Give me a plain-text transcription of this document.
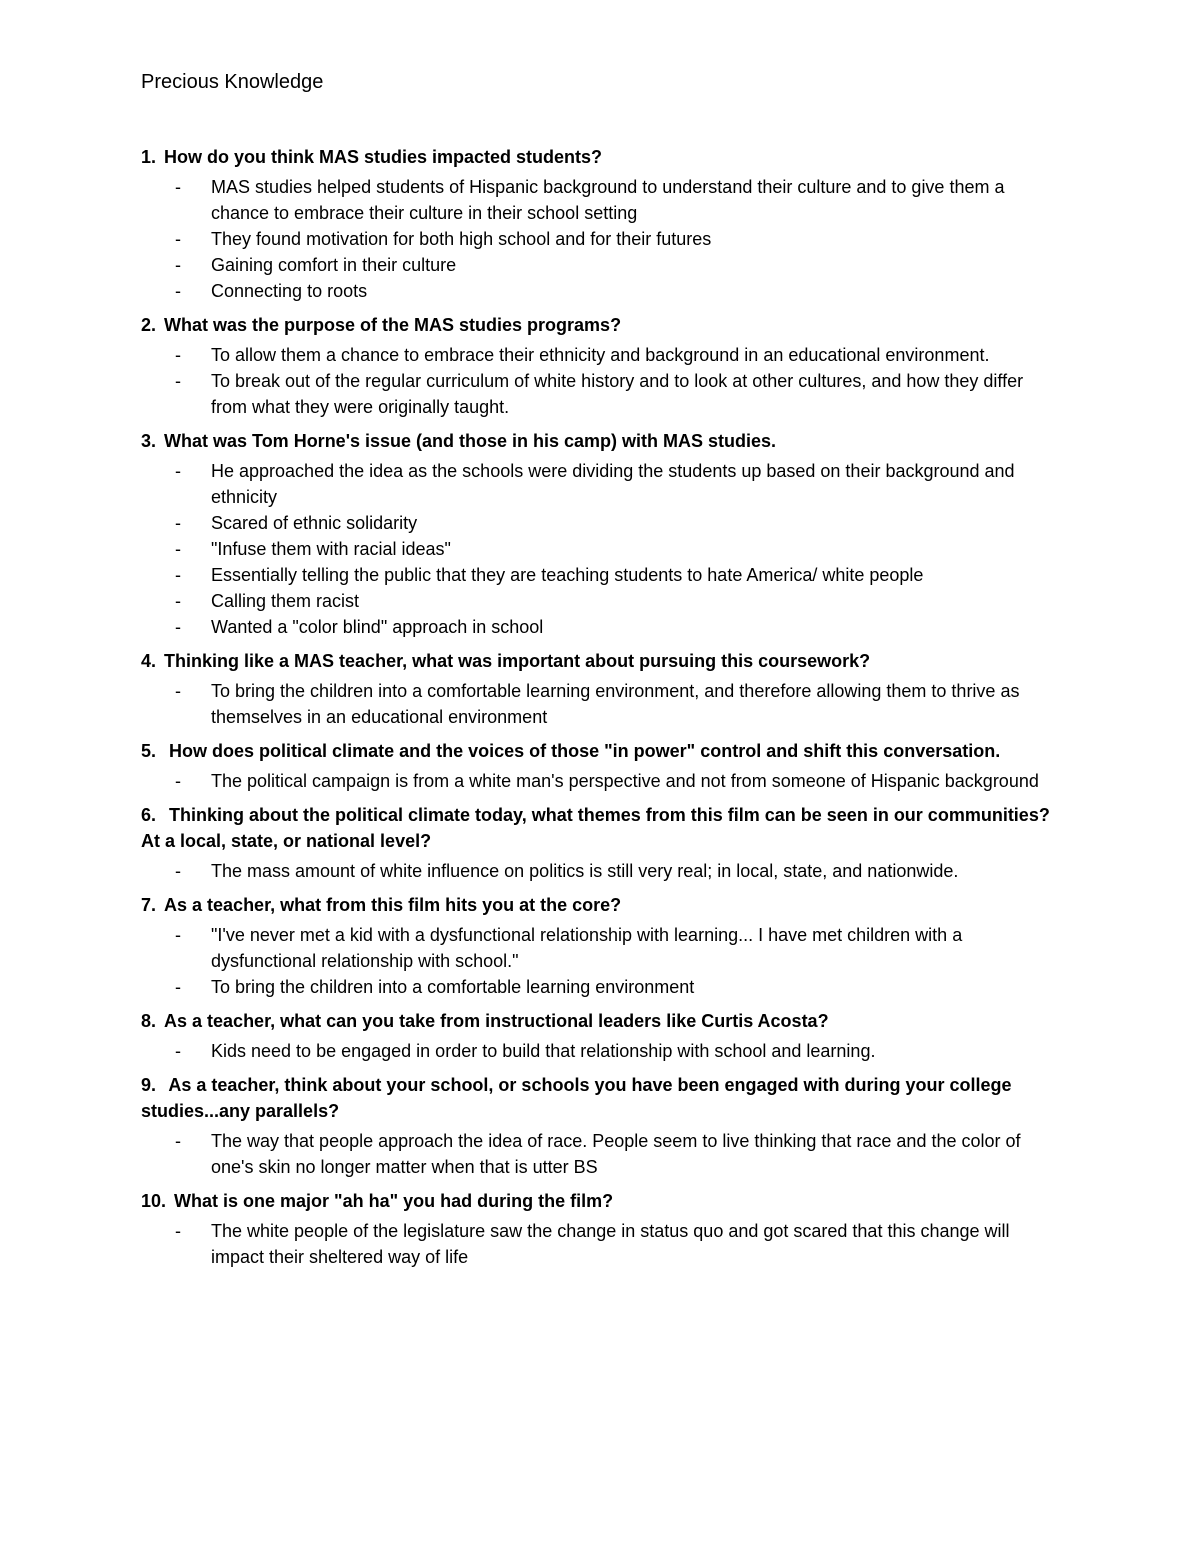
Precious Knowledge
1. How do you think MAS studies impacted students?
-	MAS studies helped students of Hispanic background to understand their culture and to give them a chance to embrace their culture in their school setting
-	They found motivation for both high school and for their futures
-	Gaining comfort in their culture
-	Connecting to roots
2. What was the purpose of the MAS studies programs?
-	To allow them a chance to embrace their ethnicity and background in an educational environment.
-	To break out of the regular curriculum of white history and to look at other cultures, and how they differ from what they were originally taught.
3. What was Tom Horne's issue (and those in his camp) with MAS studies.
-	He approached the idea as the schools were dividing the students up based on their background and ethnicity
-	Scared of ethnic solidarity
-	"Infuse them with racial ideas"
-	Essentially telling the public that they are teaching students to hate America/ white people
-	Calling them racist
-	Wanted a "color blind" approach in school
4. Thinking like a MAS teacher, what was important about pursuing this coursework?
-	To bring the children into a comfortable learning environment, and therefore allowing them to thrive as themselves in an educational environment
5. How does political climate and the voices of those "in power" control and shift this conversation.
-	The political campaign is from a white man's perspective and not from someone of Hispanic background
6. Thinking about the political climate today, what themes from this film can be seen in our communities? At a local, state, or national level?
-	The mass amount of white influence on politics is still very real; in local, state, and nationwide.
7. As a teacher, what from this film hits you at the core?
-	"I've never met a kid with a dysfunctional relationship with learning... I have met children with a dysfunctional relationship with school."
-	To bring the children into a comfortable learning environment
8. As a teacher, what can you take from instructional leaders like Curtis Acosta?
-	Kids need to be engaged in order to build that relationship with school and learning.
9. As a teacher, think about your school, or schools you have been engaged with during your college studies...any parallels?
-	The way that people approach the idea of race. People seem to live thinking that race and the color of one's skin no longer matter when that is utter BS
10. What is one major "ah ha" you had during the film?
-	The white people of the legislature saw the change in status quo and got scared that this change will impact their sheltered way of life
